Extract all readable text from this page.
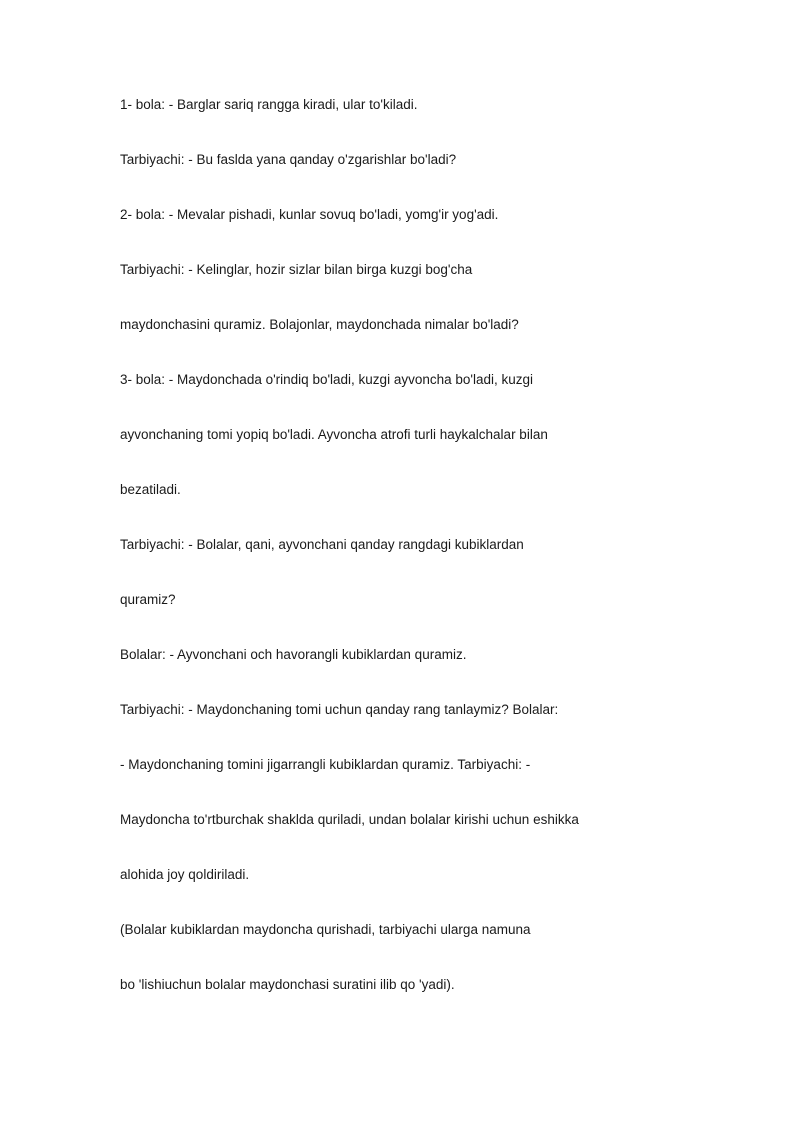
1- bola: - Barglar sariq rangga kiradi, ular to'kiladi.

Tarbiyachi: - Bu faslda yana qanday o'zgarishlar bo'ladi?

2- bola: - Mevalar pishadi, kunlar sovuq bo'ladi, yomg'ir yog'adi.

Tarbiyachi: - Kelinglar, hozir sizlar bilan birga kuzgi bog'cha

maydonchasini quramiz. Bolajonlar, maydonchada nimalar bo'ladi?

3- bola: - Maydonchada o'rindiq bo'ladi, kuzgi ayvoncha bo'ladi, kuzgi

ayvonchaning tomi yopiq bo'ladi. Ayvoncha atrofi turli haykalchalar bilan

bezatiladi.

Tarbiyachi: - Bolalar, qani, ayvonchani qanday rangdagi kubiklardan

quramiz?

Bolalar: - Ayvonchani och havorangli kubiklardan quramiz.

Tarbiyachi: - Maydonchaning tomi uchun qanday rang tanlaymiz? Bolalar:

- Maydonchaning tomini jigarrangli kubiklardan quramiz. Tarbiyachi: -

Maydoncha to'rtburchak shaklda quriladi, undan bolalar kirishi uchun eshikka

alohida joy qoldiriladi.

(Bolalar kubiklardan maydoncha qurishadi, tarbiyachi ularga namuna

bo 'lishiuchun bolalar maydonchasi suratini ilib qo 'yadi).
